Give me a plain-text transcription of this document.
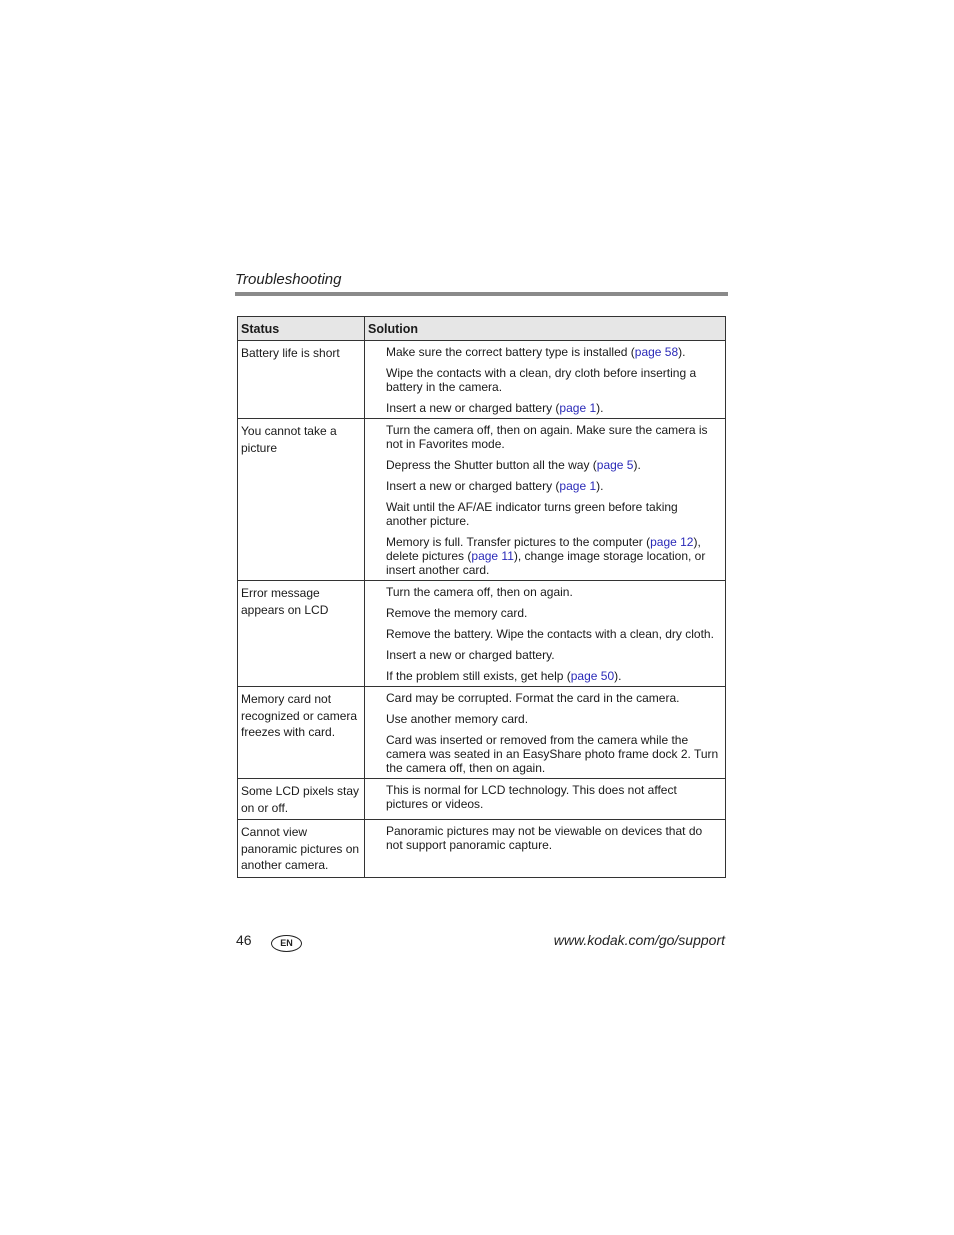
Troubleshooting
Status	Solution
Battery life is short	Make sure the correct battery type is installed (page 58).
Wipe the contacts with a clean, dry cloth before inserting a battery in the camera.
Insert a new or charged battery (page 1).

You cannot take a picture	Turn the camera off, then on again. Make sure the camera is not in Favorites mode.
Depress the Shutter button all the way (page 5).
Insert a new or charged battery (page 1).
Wait until the AF/AE indicator turns green before taking another picture.
Memory is full. Transfer pictures to the computer (page 12), delete pictures (page 11), change image storage location, or insert another card.

Error message appears on LCD	Turn the camera off, then on again.
Remove the memory card.
Remove the battery. Wipe the contacts with a clean, dry cloth.
Insert a new or charged battery.
If the problem still exists, get help (page 50).

Memory card not recognized or camera freezes with card.	Card may be corrupted. Format the card in the camera.
Use another memory card.
Card was inserted or removed from the camera while the camera was seated in an EasyShare photo frame dock 2. Turn the camera off, then on again.

Some LCD pixels stay on or off.	This is normal for LCD technology. This does not affect pictures or videos.

Cannot view panoramic pictures on another camera.	Panoramic pictures may not be viewable on devices that do not support panoramic capture.
46	EN	www.kodak.com/go/support
